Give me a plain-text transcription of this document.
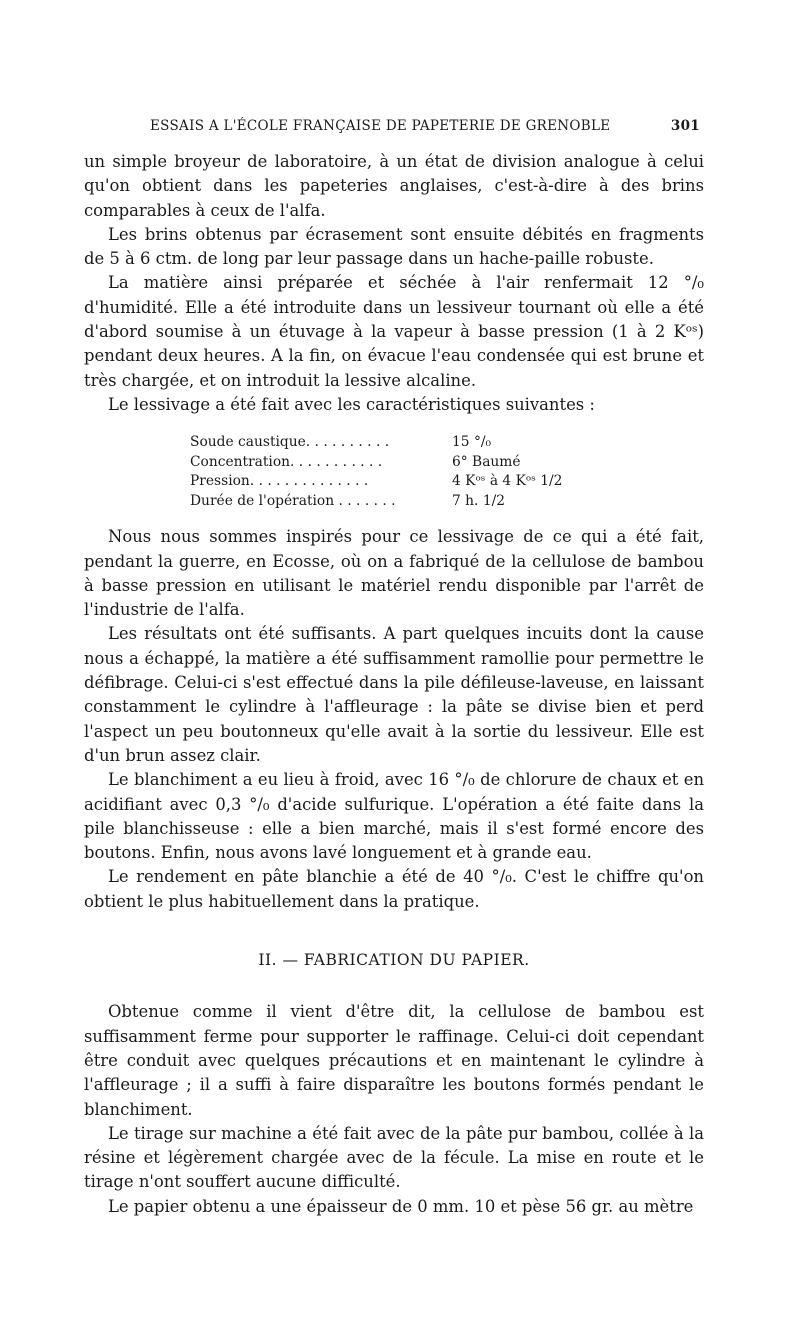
ESSAIS A L'ÉCOLE FRANÇAISE DE PAPETERIE DE GRENOBLE	301

un simple broyeur de laboratoire, à un état de division analogue à celui qu'on obtient dans les papeteries anglaises, c'est-à-dire à des brins comparables à ceux de l'alfa.

Les brins obtenus par écrasement sont ensuite débités en fragments de 5 à 6 ctm. de long par leur passage dans un hache-paille robuste.

La matière ainsi préparée et séchée à l'air renfermait 12 °/₀ d'humidité. Elle a été introduite dans un lessiveur tournant où elle a été d'abord soumise à un étuvage à la vapeur à basse pression (1 à 2 Kᵒˢ) pendant deux heures. A la fin, on évacue l'eau condensée qui est brune et très chargée, et on introduit la lessive alcaline.

Le lessivage a été fait avec les caractéristiques suivantes :

Soude caustique. . . . . . . . . .	15 °/₀
Concentration. . . . . . . . . . .	6° Baumé
Pression. . . . . . . . . . . . . .	4 Kᵒˢ à 4 Kᵒˢ 1/2
Durée de l'opération . . . . . . .	7 h. 1/2

Nous nous sommes inspirés pour ce lessivage de ce qui a été fait, pendant la guerre, en Ecosse, où on a fabriqué de la cellulose de bambou à basse pression en utilisant le matériel rendu disponible par l'arrêt de l'industrie de l'alfa.

Les résultats ont été suffisants. A part quelques incuits dont la cause nous a échappé, la matière a été suffisamment ramollie pour permettre le défibrage. Celui-ci s'est effectué dans la pile défileuse-laveuse, en laissant constamment le cylindre à l'affleurage : la pâte se divise bien et perd l'aspect un peu boutonneux qu'elle avait à la sortie du lessiveur. Elle est d'un brun assez clair.

Le blanchiment a eu lieu à froid, avec 16 °/₀ de chlorure de chaux et en acidifiant avec 0,3 °/₀ d'acide sulfurique. L'opération a été faite dans la pile blanchisseuse : elle a bien marché, mais il s'est formé encore des boutons. Enfin, nous avons lavé longuement et à grande eau.

Le rendement en pâte blanchie a été de 40 °/₀. C'est le chiffre qu'on obtient le plus habituellement dans la pratique.

II. — FABRICATION DU PAPIER.

Obtenue comme il vient d'être dit, la cellulose de bambou est suffisamment ferme pour supporter le raffinage. Celui-ci doit cependant être conduit avec quelques précautions et en maintenant le cylindre à l'affleurage ; il a suffi à faire disparaître les boutons formés pendant le blanchiment.

Le tirage sur machine a été fait avec de la pâte pur bambou, collée à la résine et légèrement chargée avec de la fécule. La mise en route et le tirage n'ont souffert aucune difficulté.

Le papier obtenu a une épaisseur de 0 mm. 10 et pèse 56 gr. au mètre
